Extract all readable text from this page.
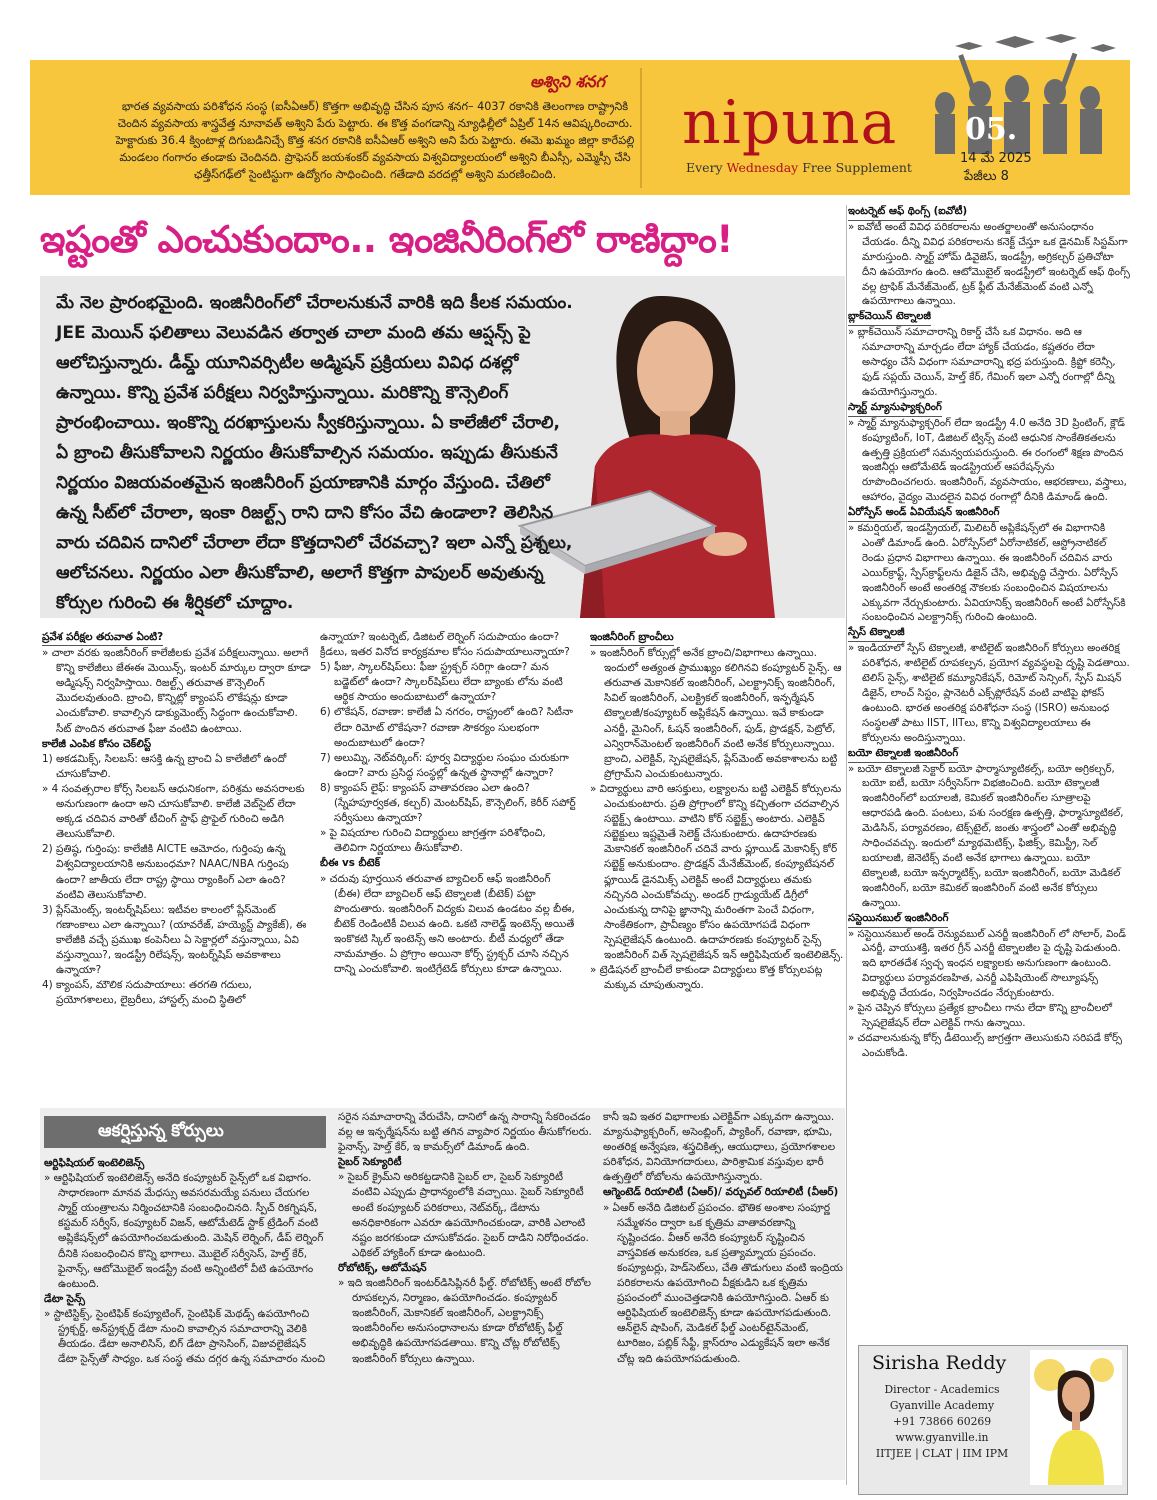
అశ్విని శనగ
భారత వ్యవసాయ పరిశోధన సంస్థ (ఐసీఏఆర్) కొత్తగా అభివృద్ధి చేసిన పూస శనగ– 4037 రకానికి తెలంగాణ రాష్ట్రానికి
చెందిన వ్యవసాయ శాస్త్రవేత్త నూనావత్ అశ్విని పేరు పెట్టారు. ఈ కొత్త వంగడాన్ని న్యూఢిల్లీలో ఏప్రిల్ 14న ఆవిష్కరించారు.
హెక్టారుకు 36.4 క్వింటాళ్ల దిగుబడినిచ్చే కొత్త శనగ రకానికి ఐసీఏఆర్ అశ్విని అని పేరు పెట్టారు. ఈమె ఖమ్మం జిల్లా కారేపల్లి
మండలం గంగారం తండాకు చెందినది. ప్రొఫెసర్ జయశంకర్ వ్యవసాయ విశ్వవిద్యాలయంలో అశ్విని బీఎస్సీ, ఎమ్మెస్సీ చేసి
ఛత్తీస్‌గఢ్‌లో సైంటిస్టుగా ఉద్యోగం సాధించింది. గతేడాది వరదల్లో అశ్విని మరణించింది.
nipuna
Every Wednesday Free Supplement
05.
14 మే 2025
పేజీలు 8
ఇష్టంతో ఎంచుకుందాం.. ఇంజినీరింగ్‌లో రాణిద్దాం!
మే నెల ప్రారంభమైంది. ఇంజినీరింగ్‌లో చేరాలనుకునే వారికి ఇది కీలక సమయం. JEE మెయిన్ ఫలితాలు వెలువడిన తర్వాత చాలా మంది తమ ఆప్షన్స్ పై ఆలోచిస్తున్నారు. డీమ్డ్ యూనివర్సిటీల అడ్మిషన్ ప్రక్రియలు వివిధ దశల్లో ఉన్నాయి. కొన్ని ప్రవేశ పరీక్షలు నిర్వహిస్తున్నాయి. మరికొన్ని కౌన్సెలింగ్ ప్రారంభించాయి. ఇంకొన్ని దరఖాస్తులను స్వీకరిస్తున్నాయి. ఏ కాలేజీలో చేరాలి, ఏ బ్రాంచి తీసుకోవాలని నిర్ణయం తీసుకోవాల్సిన సమయం. ఇప్పుడు తీసుకునే నిర్ణయం విజయవంతమైన ఇంజినీరింగ్ ప్రయాణానికి మార్గం వేస్తుంది. చేతిలో ఉన్న సీట్‌లో చేరాలా, ఇంకా రిజల్ట్స్ రాని దాని కోసం వేచి ఉండాలా? తెలిసిన వారు చదివిన దానిలో చేరాలా లేదా కొత్తదానిలో చేరవచ్చా? ఇలా ఎన్నో ప్రశ్నలు, ఆలోచనలు. నిర్ణయం ఎలా తీసుకోవాలి, అలాగే కొత్తగా పాపులర్ అవుతున్న కోర్సుల గురించి ఈ శీర్షికలో చూద్దాం.

ప్రవేశ పరీక్షల తరువాత ఏంటి?

» చాలా వరకు ఇంజినీరింగ్ కాలేజీలకు ప్రవేశ పరీక్షలున్నాయి. అలాగే కొన్ని కాలేజీలు జేఈఈ మెయిన్స్, ఇంటర్ మార్కుల ద్వారా కూడా అడ్మిషన్స్ నిర్వహిస్తాయి. రిజల్ట్స్ తరువాత కౌన్సెలింగ్ మొదలవుతుంది. బ్రాంచి, కొన్నిట్లో క్యాంపస్ లొకేషన్లు కూడా ఎంచుకోవాలి. కావాల్సిన డాక్యుమెంట్స్ సిద్ధంగా ఉంచుకోవాలి. సీట్ పొందిన తరువాత ఫీజు వంటివి ఉంటాయి.

కాలేజీ ఎంపిక కోసం చెక్‌లిస్ట్

1) అకడమిక్స్, సిలబస్: ఆసక్తి ఉన్న బ్రాంచి ఏ కాలేజీలో ఉందో చూసుకోవాలి.

» 4 సంవత్సరాల కోర్స్ సిలబస్ ఆధునికంగా, పరిశ్రమ అవసరాలకు అనుగుణంగా ఉందా అని చూసుకోవాలి. కాలేజీ వెబ్‌సైట్ లేదా అక్కడ చదివిన వారితో టీచింగ్ స్టాఫ్ ప్రొఫైల్ గురించి అడిగి తెలుసుకోవాలి.

2) ప్రతిష్ఠ, గుర్తింపు: కాలేజీకి AICTE ఆమోదం, గుర్తింపు ఉన్న విశ్వవిద్యాలయానికి అనుబంధమా? NAAC/NBA గుర్తింపు ఉందా? జాతీయ లేదా రాష్ట్ర స్థాయి ర్యాంకింగ్ ఎలా ఉంది? వంటివి తెలుసుకోవాలి.

3) ప్లేస్‌మెంట్స్, ఇంటర్న్‌షిప్‌లు: ఇటీవల కాలంలో ప్లేస్‌మెంట్ గణాంకాలు ఎలా ఉన్నాయి? (యావరేజ్, హయ్యెస్ట్ ప్యాకేజ్), ఈ కాలేజీకి వచ్చే ప్రముఖ కంపెనీలు ఏ సెక్టార్లలో వస్తున్నాయి, ఏవి వస్తున్నాయి?, ఇండస్ట్రీ రిలేషన్స్, ఇంటర్న్‌షిప్ అవకాశాలు ఉన్నాయా?

4) క్యాంపస్, మౌలిక సదుపాయాలు: తరగతి గదులు, ప్రయోగశాలలు, లైబ్రరీలు, హాస్టల్స్ మంచి స్థితిలో

ఉన్నాయా? ఇంటర్నెట్, డిజిటల్ లెర్నింగ్ సదుపాయం ఉందా? క్రీడలు, ఇతర వినోద కార్యక్రమాల కోసం సదుపాయాలున్నాయా?

5) ఫీజు, స్కాలర్‌షిప్‌లు: ఫీజు స్ట్రక్చర్ సరిగ్గా ఉందా? మన బడ్జెట్‌లో ఉందా? స్కాలర్‌షిప్‌లు లేదా బ్యాంకు లోను వంటి ఆర్థిక సాయం అందుబాటులో ఉన్నాయా?

6) లొకేషన్, రవాణా: కాలేజీ ఏ నగరం, రాష్ట్రంలో ఉంది? సిటీనా లేదా రిమోట్ లొకేషనా? రవాణా సౌకర్యం సులభంగా అందుబాటులో ఉందా?

7) అలుమ్ని, నెట్‌వర్కింగ్: పూర్వ విద్యార్థుల సంఘం చురుకుగా ఉందా? వారు ప్రసిద్ధ సంస్థల్లో ఉన్నత స్థానాల్లో ఉన్నారా?

8) క్యాంపస్ లైఫ్: క్యాంపస్ వాతావరణం ఎలా ఉంది? (స్నేహపూర్వకత, కల్చర్) మెంటర్‌షిప్, కౌన్సెలింగ్, కెరీర్ సపోర్ట్ సర్వీసులు ఉన్నాయా?

» పై విషయాల గురించి విద్యార్థులు జాగ్రత్తగా పరిశోధించి, తెలివిగా నిర్ణయాలు తీసుకోవాలి.

బీఈ vs బీటెక్

» చదువు పూర్తయిన తరువాత బ్యాచిలర్ ఆఫ్ ఇంజినీరింగ్ (బీఈ) లేదా బ్యాచిలర్ ఆఫ్ టెక్నాలజీ (బీటెక్) పట్టా పొందుతారు. ఇంజినీరింగ్ విద్యకు విలువ ఉండటం వల్ల బీఈ, బీటెక్ రెండింటికీ విలువ ఉంది. ఒకటి నాలెడ్జ్ ఇంటెన్స్ అయితే ఇంకొకటి స్కిల్ ఇంటెన్స్ అని అంటారు. బీటీ మధ్యలో తేడా నామమాత్రం. ఏ ప్రోగ్రాం అయినా కోర్స్ స్ట్రక్చర్ చూసి నచ్చిన దాన్ని ఎంచుకోవాలి. ఇంటిగ్రేటెడ్ కోర్సులు కూడా ఉన్నాయి.

ఇంజినీరింగ్ బ్రాంచీలు

» ఇంజినీరింగ్ కోర్సుల్లో అనేక బ్రాంచి/విభాగాలు ఉన్నాయి. ఇందులో అత్యంత ప్రాముఖ్యం కలిగినవి కంప్యూటర్ సైన్స్. ఆ తరువాత మెకానికల్ ఇంజినీరింగ్, ఎలక్ట్రానిక్స్ ఇంజినీరింగ్, సివిల్ ఇంజినీరింగ్, ఎలక్ట్రికల్ ఇంజినీరింగ్, ఇన్ఫర్మేషన్ టెక్నాలజీ/కంప్యూటర్ అప్లికేషన్ ఉన్నాయి. ఇవే కాకుండా ఎనర్జీ, మైనింగ్, ఓషన్ ఇంజినీరింగ్, ఫుడ్, ప్రొడక్షన్, పెట్రోల్, ఎన్విరాన్‌మెంటల్ ఇంజినీరింగ్ వంటి అనేక కోర్సులున్నాయి. బ్రాంచి, ఎలెక్టివ్, స్పెషలైజేషన్, ప్లేస్‌మెంట్ అవకాశాలను బట్టి ప్రోగ్రామ్‌ని ఎంచుకుంటున్నారు.

» విద్యార్థులు వారి ఆసక్తులు, లక్ష్యాలను బట్టి ఎలెక్టివ్ కోర్సులను ఎంచుకుంటారు. ప్రతి ప్రోగ్రాంలో కొన్ని కచ్చితంగా చదవాల్సిన సబ్జెక్ట్స్ ఉంటాయి. వాటిని కోర్ సబ్జెక్ట్స్ అంటారు. ఎలెక్టివ్ సబ్జెక్టులు ఇష్టమైతే సెలెక్ట్ చేసుకుంటారు. ఉదాహరణకు మెకానికల్ ఇంజినీరింగ్ చదివే వారు ఫ్లూయిడ్ మెకానిక్స్ కోర్ సబ్జెక్ట్ అనుకుందాం. ప్రొడక్షన్ మేనేజ్‌మెంట్, కంప్యూటేషనల్ ఫ్లూయిడ్ డైనమిక్స్ ఎలెక్టివ్ అంటే విద్యార్థులు తమకు నచ్చినది ఎంచుకోవచ్చు. అండర్ గ్రాడ్యుయేట్ డిగ్రీలో ఎంచుకున్న దానిపై జ్ఞానాన్ని మరింతగా పెంచే విధంగా, సాంకేతికంగా, ప్రావీణ్యం కోసం ఉపయోగపడే విధంగా స్పెషలైజేషన్ ఉంటుంది. ఉదాహరణకు కంప్యూటర్ సైన్స్ ఇంజినీరింగ్ విత్ స్పెషలైజేషన్ ఇన్ ఆర్టిఫిషియల్ ఇంటెలిజెన్స్.

» ట్రెడిషనల్ బ్రాంచీలే కాకుండా విద్యార్థులు కొత్త కోర్సులపట్ల మక్కువ చూపుతున్నారు.

ఆకర్షిస్తున్న కోర్సులు

ఆర్టిఫిషియల్ ఇంటెలిజెన్స్

» ఆర్టిఫిషియల్ ఇంటెలిజెన్స్ అనేది కంప్యూటర్ సైన్స్‌లో ఒక విభాగం. సాధారణంగా మానవ మేధస్సు అవసరమయ్యే పనులు చేయగల స్మార్ట్ యంత్రాలను నిర్మించటానికి సంబంధించినది. స్పీచ్ రికగ్నిషన్, కస్టమర్ సర్వీస్, కంప్యూటర్ విజన్, ఆటోమేటెడ్ స్టాక్ ట్రేడింగ్ వంటి అప్లికేషన్స్‌లో ఉపయోగించబడుతుంది. మెషిన్ లెర్నింగ్, డీప్ లెర్నింగ్ దీనికి సంబంధించిన కొన్ని భాగాలు. మొబైల్ సర్వీసెస్, హెల్త్ కేర్, ఫైనాన్స్, ఆటోమొబైల్ ఇండస్ట్రీ వంటి అన్నింటిలో వీటి ఉపయోగం ఉంటుంది.

డేటా సైన్స్

» స్టాటిస్టిక్స్, సైంటిఫిక్ కంప్యూటింగ్, సైంటిఫిక్ మెథడ్స్ ఉపయోగించి స్ట్రక్చర్డ్, అన్‌స్ట్రక్చర్డ్ డేటా నుంచి కావాల్సిన సమాచారాన్ని వెలికి తీయడం. డేటా అనాలిసిస్, బిగ్ డేటా ప్రాసెసింగ్, విజువలైజేషన్ డేటా సైన్స్‌తో సాధ్యం. ఒక సంస్థ తమ దగ్గర ఉన్న సమాచారం నుంచి

సరైన సమాచారాన్ని వేరుచేసి, దానిలో ఉన్న సారాన్ని సేకరించడం వల్ల ఆ ఇన్ఫర్మేషన్‌ను బట్టి తగిన వ్యాపార నిర్ణయం తీసుకోగలరు. ఫైనాన్స్, హెల్త్ కేర్, ఇ కామర్స్‌లో డిమాండ్ ఉంది.

సైబర్ సెక్యూరిటీ

» సైబర్ క్రైమ్‌ని అరికట్టడానికి సైబర్ లా, సైబర్ సెక్యూరిటీ వంటివి ఎప్పుడు ప్రాధాన్యంలోకి వచ్చాయి. సైబర్ సెక్యూరిటీ అంటే కంప్యూటర్ పరికరాలు, నెట్‌వర్క్, డేటాను అనధికారికంగా ఎవరూ ఉపయోగించకుండా, వారికి ఎలాంటి నష్టం జరగకుండా చూసుకోవడం. సైబర్ దాడిని నిరోధించడం. ఎథికల్ హ్యాకింగ్ కూడా ఉంటుంది.

రోబోటిక్స్, ఆటోమేషన్

» ఇది ఇంజినీరింగ్ ఇంటర్‌డిసిప్లినరీ ఫీల్డ్. రోబోటిక్స్ అంటే రోబోల రూపకల్పన, నిర్మాణం, ఉపయోగించడం. కంప్యూటర్ ఇంజినీరింగ్, మెకానికల్ ఇంజినీరింగ్, ఎలక్ట్రానిక్స్ ఇంజినీరింగ్‌ల అనుసంధానాలను కూడా రోబోటిక్స్ ఫీల్డ్ అభివృద్ధికి ఉపయోగపడతాయి. కొన్ని చోట్ల రోబోటిక్స్ ఇంజినీరింగ్ కోర్సులు ఉన్నాయి.

కానీ ఇవి ఇతర విభాగాలకు ఎలెక్టివ్‌గా ఎక్కువగా ఉన్నాయి. మ్యానుఫ్యాక్చరింగ్, అసెంబ్లింగ్, ప్యాకింగ్, రవాణా, భూమి, అంతరిక్ష అన్వేషణ, శస్త్రచికిత్స, ఆయుధాలు, ప్రయోగశాలల పరిశోధన, వినియోగదారులు, పారిశ్రామిక వస్తువుల భారీ ఉత్పత్తిలో రోబోలను ఉపయోగిస్తున్నారు.

ఆగ్మెంటెడ్ రియాలిటీ (ఏఆర్)/ వర్చువల్ రియాలిటీ (వీఆర్)

» ఏఆర్ అనేది డిజిటల్ ప్రపంచం. భౌతిక అంశాల సంపూర్ణ సమ్మేళనం ద్వారా ఒక కృత్రిమ వాతావరణాన్ని సృష్టించడం. వీఆర్ అనేది కంప్యూటర్ సృష్టించిన వాస్తవికత అనుకరణ, ఒక ప్రత్యామ్నాయ ప్రపంచం. కంప్యూటర్లు, హెడ్‌సెట్‌లు, చేతి తొడుగులు వంటి ఇంద్రియ పరికరాలను ఉపయోగించి వీక్షకుడిని ఒక కృత్రిమ ప్రపంచంలో ముంచెత్తడానికి ఉపయోగిస్తుంది. ఏఆర్ కు ఆర్టిఫిషియల్ ఇంటెలిజెన్స్ కూడా ఉపయోగపడుతుంది. ఆన్‌లైన్ షాపింగ్, మెడికల్ ఫీల్డ్ ఎంటర్‌టైన్‌మెంట్, టూరిజం, పబ్లిక్ సేఫ్టీ, క్లాస్‌రూం ఎడ్యుకేషన్ ఇలా అనేక చోట్ల ఇది ఉపయోగపడుతుంది.

ఇంటర్నెట్ ఆఫ్ థింగ్స్ (ఐవోటీ)

» ఐవోటీ అంటే వివిధ పరికరాలను అంతర్జాలంతో అనుసంధానం చేయడం. దీన్ని వివిధ పరికరాలను కనెక్ట్ చేస్తూ ఒక డైనమిక్ సిస్టమ్‌గా మారుస్తుంది. స్మార్ట్ హోమ్ డివైజెస్, ఇండస్ట్రీ, అగ్రికల్చర్ ప్రతిచోటా దీని ఉపయోగం ఉంది. ఆటోమొబైల్ ఇండస్ట్రీలో ఇంటర్నెట్ ఆఫ్ థింగ్స్ వల్ల ట్రాఫిక్ మేనేజ్‌మెంట్, ట్రక్ ఫ్లీట్ మేనేజ్‌మెంట్ వంటి ఎన్నో ఉపయోగాలు ఉన్నాయి.

బ్లాక్‌చెయిన్ టెక్నాలజీ

» బ్లాక్‌చెయిన్ సమాచారాన్ని రికార్డ్ చేసే ఒక విధానం. అది ఆ సమాచారాన్ని మార్చడం లేదా హ్యాక్ చేయడం, కష్టతరం లేదా అసాధ్యం చేసే విధంగా సమాచారాన్ని భద్ర పరుస్తుంది. క్రిప్టో కరెన్సీ, ఫుడ్ సప్లయ్ చెయిన్, హెల్త్ కేర్, గేమింగ్ ఇలా ఎన్నో రంగాల్లో దీన్ని ఉపయోగిస్తున్నారు.

స్మార్ట్ మ్యానుఫ్యాక్చరింగ్

» స్మార్ట్ మ్యానుఫ్యాక్చరింగ్ లేదా ఇండస్ట్రీ 4.0 అనేది 3D ప్రింటింగ్, క్లౌడ్ కంప్యూటింగ్, IoT, డిజిటల్ ట్విన్స్ వంటి ఆధునిక సాంకేతికతలను ఉత్పత్తి ప్రక్రియలో సమన్వయపరుస్తుంది. ఈ రంగంలో శిక్షణ పొందిన ఇంజినీర్లు ఆటోమేటెడ్ ఇండస్ట్రియల్ ఆపరేషన్స్‌ను రూపొందించగలరు. ఇంజినీరింగ్, వ్యవసాయం, ఆభరణాలు, వస్త్రాలు, ఆహారం, వైద్యం మొదలైన వివిధ రంగాల్లో దీనికి డిమాండ్ ఉంది.

ఏరోస్పేస్ అండ్ ఏవియేషన్ ఇంజినీరింగ్

» కమర్షియల్, ఇండస్ట్రియల్, మిలిటరీ అప్లికేషన్స్‌లో ఈ విభాగానికి ఎంతో డిమాండ్ ఉంది. ఏరోస్పేస్‌లో ఏరోనాటికల్, ఆస్ట్రోనాటికల్ రెండు ప్రధాన విభాగాలు ఉన్నాయి. ఈ ఇంజినీరింగ్ చదివిన వారు ఎయిర్‌క్రాఫ్ట్, స్పేస్‌క్రాఫ్ట్‌లను డిజైన్ చేసి, అభివృద్ధి చేస్తారు. ఏరోస్పేస్ ఇంజినీరింగ్ అంటే అంతరిక్ష నౌకలకు సంబంధించిన విషయాలను ఎక్కువగా నేర్చుకుంటారు. ఏవియానిక్స్ ఇంజినీరింగ్ అంటే ఏరోస్పేస్‌కి సంబంధించిన ఎలక్ట్రానిక్స్ గురించి ఉంటుంది.

స్పేస్ టెక్నాలజీ

» ఇండియాలో స్పేస్ టెక్నాలజీ, శాటిలైట్ ఇంజినీరింగ్ కోర్సులు అంతరిక్ష పరిశోధన, శాటిలైట్ రూపకల్పన, ప్రయోగ వ్యవస్థలపై దృష్టి పెడతాయి. టెలిస్ సైన్స్, శాటిలైట్ కమ్యూనికేషన్, రిమోట్ సెన్సింగ్, స్పేస్ మిషన్ డిజైన్, లాంచ్ సిస్టం, ప్లానెటరీ ఎక్స్‌ప్లోరేషన్ వంటి వాటిపై ఫోకస్ ఉంటుంది. భారత అంతరిక్ష పరిశోధనా సంస్థ (ISRO) అనుబంధ సంస్థలతో పాటు IIST, IITలు, కొన్ని విశ్వవిద్యాలయాలు ఈ కోర్సులను అందిస్తున్నాయి.

బయో టెక్నాలజీ ఇంజినీరింగ్

» బయో టెక్నాలజీ సెక్టార్ బయో ఫార్మాస్యూటికల్స్, బయో అగ్రికల్చర్, బయో ఐటీ, బయో సర్వీసెస్‌గా విభజించింది. బయో టెక్నాలజీ ఇంజినీరింగ్‌లో బయాలజీ, కెమికల్ ఇంజినీరింగ్‌ల సూత్రాలపై ఆధారపడి ఉంది. పంటలు, పశు సంరక్షణ ఉత్పత్తి, ఫార్మాస్యూటికల్, మెడిసిన్, పర్యావరణం, టెక్స్‌టైల్, జంతు శాస్త్రంలో ఎంతో అభివృద్ధి సాధించవచ్చు. ఇందులో మ్యాథమెటిక్స్, ఫిజిక్స్, కెమిస్ట్రీ, సెల్ బయాలజీ, జెనెటిక్స్ వంటి అనేక భాగాలు ఉన్నాయి. బయో టెక్నాలజీ, బయో ఇన్ఫర్మాటిక్స్, బయో ఇంజినీరింగ్, బయో మెడికల్ ఇంజినీరింగ్, బయో కెమికల్ ఇంజినీరింగ్ వంటి అనేక కోర్సులు ఉన్నాయి.

సస్టెయినబుల్ ఇంజినీరింగ్

» సస్టెయినబుల్ అండ్ రెన్యువబుల్ ఎనర్జీ ఇంజినీరింగ్ లో సోలార్, విండ్ ఎనర్జీ, వాయుశక్తి, ఇతర గ్రీన్ ఎనర్జీ టెక్నాలజీల పై దృష్టి పెడుతుంది. ఇది భారతదేశ స్వచ్ఛ ఇంధన లక్ష్యాలకు అనుగుణంగా ఉంటుంది. విద్యార్థులు పర్యావరణహిత, ఎనర్జీ ఎఫిషియెంట్ సొల్యూషన్స్ అభివృద్ధి చేయడం, నిర్వహించడం నేర్చుకుంటారు.

» పైన చెప్పిన కోర్సులు ప్రత్యేక బ్రాంచీలు గాను లేదా కొన్ని బ్రాంచీలలో స్పెషలైజేషన్ లేదా ఎలెక్టివ్ గాను ఉన్నాయి.

» చదవాలనుకున్న కోర్స్ డీటెయిల్స్ జాగ్రత్తగా తెలుసుకుని సరిపడే కోర్స్ ఎంచుకోండి.

Sirisha Reddy
Director - Academics
Gyanville Academy
+91 73866 60269
www.gyanville.in
IITJEE | CLAT | IIM IPM
